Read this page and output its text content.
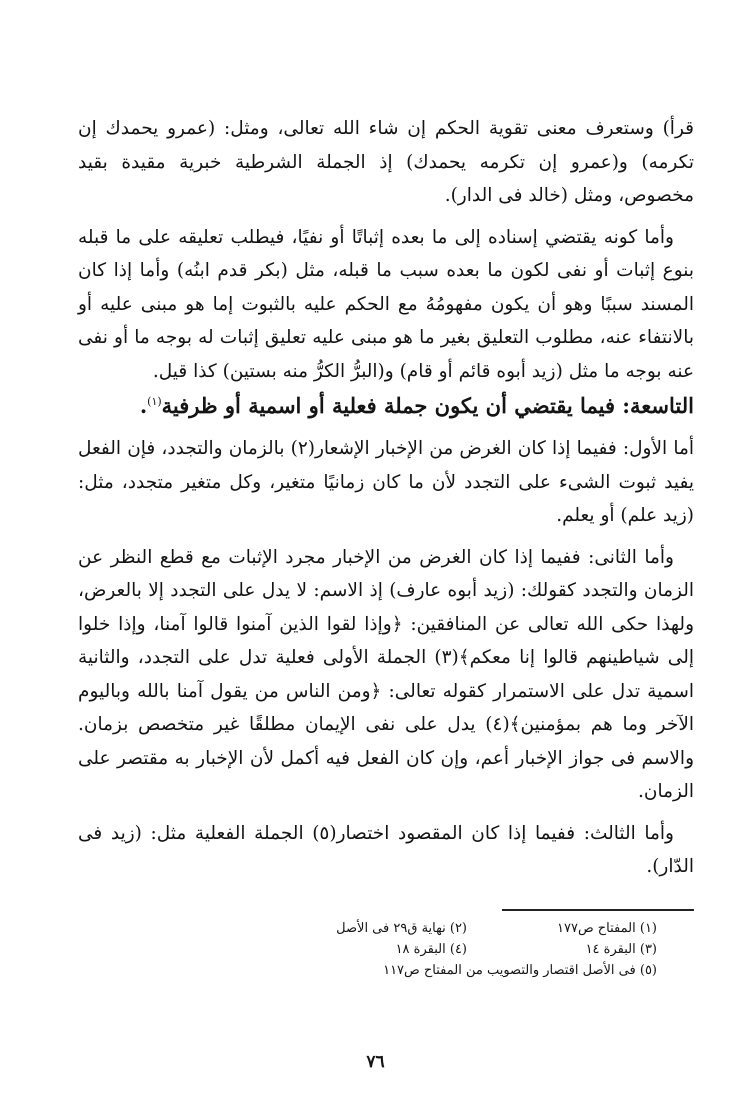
قرأ) وستعرف معنى تقوية الحكم إن شاء الله تعالى، ومثل: (عمرو يحمدك إن تكرمه) و(عمرو إن تكرمه يحمدك) إذ الجملة الشرطية خبرية مقيدة بقيد مخصوص، ومثل (خالد فى الدار).

وأما كونه يقتضي إسناده إلى ما بعده إثباتًا أو نفيًا، فيطلب تعليقه على ما قبله بنوع إثبات أو نفى لكون ما بعده سبب ما قبله، مثل (بكر قدم ابنُه) وأما إذا كان المسند سببًا وهو أن يكون مفهومُهُ مع الحكم عليه بالثبوت إما هو مبنى عليه أو بالانتفاء عنه، مطلوب التعليق بغير ما هو مبنى عليه تعليق إثبات له بوجه ما أو نفى عنه بوجه ما مثل (زيد أبوه قائم أو قام) و(البرُّ الكرُّ منه بستين) كذا قيل.

التاسعة: فيما يقتضي أن يكون جملة فعلية أو اسمية أو ظرفية$^{(١)}$.

أما الأول: ففيما إذا كان الغرض من الإخبار الإشعار(٢) بالزمان والتجدد، فإن الفعل يفيد ثبوت الشىء على التجدد لأن ما كان زمانيًا متغير، وكل متغير متجدد، مثل: (زيد علم) أو يعلم.

وأما الثانى: ففيما إذا كان الغرض من الإخبار مجرد الإثبات مع قطع النظر عن الزمان والتجدد كقولك: (زيد أبوه عارف) إذ الاسم: لا يدل على التجدد إلا بالعرض، ولهذا حكى الله تعالى عن المنافقين: ﴿وإذا لقوا الذين آمنوا قالوا آمنا، وإذا خلوا إلى شياطينهم قالوا إنا معكم﴾(٣) الجملة الأولى فعلية تدل على التجدد، والثانية اسمية تدل على الاستمرار كقوله تعالى: ﴿ومن الناس من يقول آمنا بالله وباليوم الآخر وما هم بمؤمنين﴾(٤) يدل على نفى الإيمان مطلقًا غير متخصص بزمان. والاسم فى جواز الإخبار أعم، وإن كان الفعل فيه أكمل لأن الإخبار به مقتصر على الزمان.

وأما الثالث: ففيما إذا كان المقصود اختصار(٥) الجملة الفعلية مثل: (زيد فى الدّار).

(١) المفتاح ص١٧٧
(٢) نهاية ق٢٩ فى الأصل
(٣) البقرة ١٤
(٤) البقرة ١٨
(٥) فى الأصل اقتصار والتصويب من المفتاح ص١١٧
٧٦
